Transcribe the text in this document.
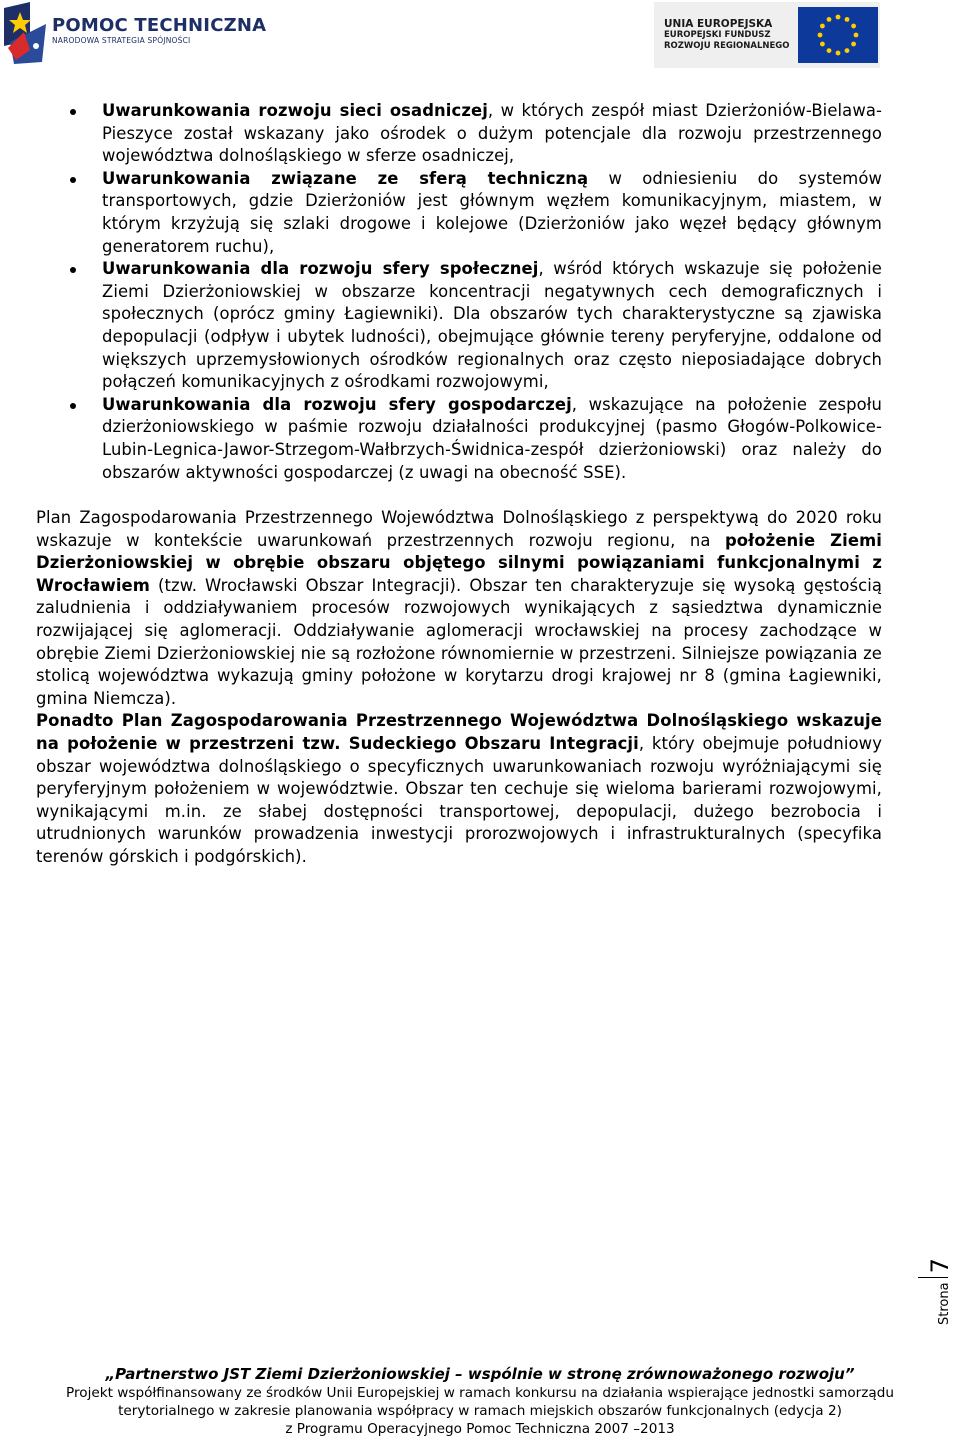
POMOC TECHNICZNA
NARODOWA STRATEGIA SPÓJNOŚCI
UNIA EUROPEJSKA
EUROPEJSKI FUNDUSZ
ROZWOJU REGIONALNEGO
Uwarunkowania rozwoju sieci osadniczej, w których zespół miast Dzierżoniów-Bielawa-Pieszyce został wskazany jako ośrodek o dużym potencjale dla rozwoju przestrzennego województwa dolnośląskiego w sferze osadniczej,
Uwarunkowania związane ze sferą techniczną w odniesieniu do systemów transportowych, gdzie Dzierżoniów jest głównym węzłem komunikacyjnym, miastem, w którym krzyżują się szlaki drogowe i kolejowe (Dzierżoniów jako węzeł będący głównym generatorem ruchu),
Uwarunkowania dla rozwoju sfery społecznej, wśród których wskazuje się położenie Ziemi Dzierżoniowskiej w obszarze koncentracji negatywnych cech demograficznych i społecznych (oprócz gminy Łagiewniki). Dla obszarów tych charakterystyczne są zjawiska depopulacji (odpływ i ubytek ludności), obejmujące głównie tereny peryferyjne, oddalone od większych uprzemysłowionych ośrodków regionalnych oraz często nieposiadające dobrych połączeń komunikacyjnych z ośrodkami rozwojowymi,
Uwarunkowania dla rozwoju sfery gospodarczej, wskazujące na położenie zespołu dzierżoniowskiego w paśmie rozwoju działalności produkcyjnej (pasmo Głogów-Polkowice-Lubin-Legnica-Jawor-Strzegom-Wałbrzych-Świdnica-zespół dzierżoniowski) oraz należy do obszarów aktywności gospodarczej (z uwagi na obecność SSE).

Plan Zagospodarowania Przestrzennego Województwa Dolnośląskiego z perspektywą do 2020 roku wskazuje w kontekście uwarunkowań przestrzennych rozwoju regionu, na położenie Ziemi Dzierżoniowskiej w obrębie obszaru objętego silnymi powiązaniami funkcjonalnymi z Wrocławiem (tzw. Wrocławski Obszar Integracji). Obszar ten charakteryzuje się wysoką gęstością zaludnienia i oddziaływaniem procesów rozwojowych wynikających z sąsiedztwa dynamicznie rozwijającej się aglomeracji. Oddziaływanie aglomeracji wrocławskiej na procesy zachodzące w obrębie Ziemi Dzierżoniowskiej nie są rozłożone równomiernie w przestrzeni. Silniejsze powiązania ze stolicą województwa wykazują gminy położone w korytarzu drogi krajowej nr 8 (gmina Łagiewniki, gmina Niemcza).

Ponadto Plan Zagospodarowania Przestrzennego Województwa Dolnośląskiego wskazuje na położenie w przestrzeni tzw. Sudeckiego Obszaru Integracji, który obejmuje południowy obszar województwa dolnośląskiego o specyficznych uwarunkowaniach rozwoju wyróżniającymi się peryferyjnym położeniem w województwie. Obszar ten cechuje się wieloma barierami rozwojowymi, wynikającymi m.in. ze słabej dostępności transportowej, depopulacji, dużego bezrobocia i utrudnionych warunków prowadzenia inwestycji prorozwojowych i infrastrukturalnych (specyfika terenów górskich i podgórskich).

Strona
7
„Partnerstwo JST Ziemi Dzierżoniowskiej – wspólnie w stronę zrównoważonego rozwoju”
Projekt współfinansowany ze środków Unii Europejskiej w ramach konkursu na działania wspierające jednostki samorządu
terytorialnego w zakresie planowania współpracy w ramach miejskich obszarów funkcjonalnych (edycja 2)
z Programu Operacyjnego Pomoc Techniczna 2007 –2013
